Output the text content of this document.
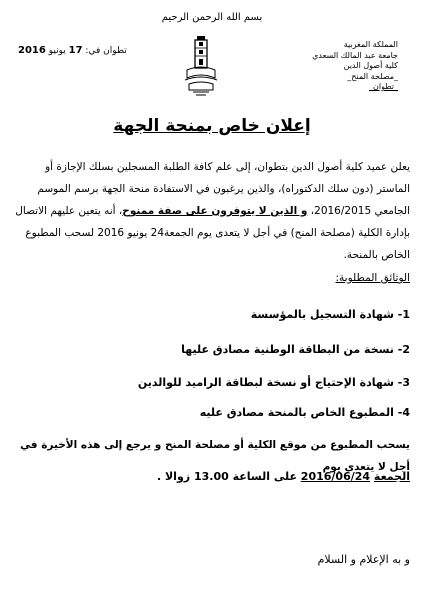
بسم الله الرحمن الرحيم
المملكة المغربية
جامعة عبد المالك السعدي
كلية أصول الدين
_مصلحة المنح_
_تطوان_
2016 يونيو 17 تطوان في:
إعلان خاص بمنحة الجهة
يعلن عميد كلية أصول الدين بتطوان، إلى علم كافة الطلبة المسجلين بسلك الإجازة أو الماستر (دون سلك الدكتوراه)، والذين يرغبون في الاستفادة منحة الجهة برسم الموسم الجامعي 2016/2015، و الذين لا يتوفرون على صفة ممنوح، أنه يتعين عليهم الاتصال بإدارة الكلية (مصلحة المنح) في أجل لا يتعدى يوم الجمعة24 يونيو 2016 لسحب المطبوع الخاص بالمنحة.
الوثائق المطلوبة:
1- شهادة التسجيل بالمؤسسة
2- نسخة من البطاقة الوطنية مصادق عليها
3- شهادة الإحتياج أو نسخة لبطاقة الراميد للوالدين
4- المطبوع الخاص بالمنحة مصادق عليه
يسحب المطبوع من موقع الكلية أو مصلحة المنح و يرجع إلى هذه الأخيرة في أجل لا يتعدى يوم
الجمعة 2016/06/24 على الساعة 13.00 زوالا .
و به الإعلام و السلام
